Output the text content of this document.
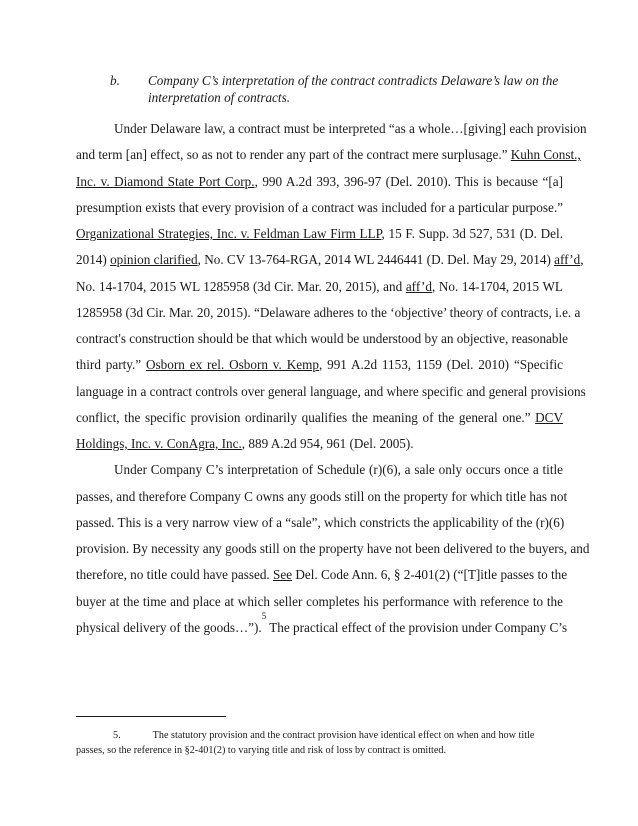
b. Company C’s interpretation of the contract contradicts Delaware’s law on the interpretation of contracts.
Under Delaware law, a contract must be interpreted “as a whole…[giving] each provision
and term [an] effect, so as not to render any part of the contract mere surplusage.” Kuhn Const.,
Inc. v. Diamond State Port Corp., 990 A.2d 393, 396-97 (Del. 2010). This is because “[a]
presumption exists that every provision of a contract was included for a particular purpose.”
Organizational Strategies, Inc. v. Feldman Law Firm LLP, 15 F. Supp. 3d 527, 531 (D. Del.
2014) opinion clarified, No. CV 13-764-RGA, 2014 WL 2446441 (D. Del. May 29, 2014) aff’d,
No. 14-1704, 2015 WL 1285958 (3d Cir. Mar. 20, 2015), and aff’d, No. 14-1704, 2015 WL
1285958 (3d Cir. Mar. 20, 2015). “Delaware adheres to the ‘objective’ theory of contracts, i.e. a
contract's construction should be that which would be understood by an objective, reasonable
third party.” Osborn ex rel. Osborn v. Kemp, 991 A.2d 1153, 1159 (Del. 2010) “Specific
language in a contract controls over general language, and where specific and general provisions
conflict, the specific provision ordinarily qualifies the meaning of the general one.” DCV
Holdings, Inc. v. ConAgra, Inc., 889 A.2d 954, 961 (Del. 2005).
Under Company C’s interpretation of Schedule (r)(6), a sale only occurs once a title
passes, and therefore Company C owns any goods still on the property for which title has not
passed. This is a very narrow view of a “sale”, which constricts the applicability of the (r)(6)
provision. By necessity any goods still on the property have not been delivered to the buyers, and
therefore, no title could have passed. See Del. Code Ann. 6, § 2-401(2) (“[T]itle passes to the
buyer at the time and place at which seller completes his performance with reference to the
physical delivery of the goods…”).$^5$ The practical effect of the provision under Company C’s
5.	The statutory provision and the contract provision have identical effect on when and how title passes, so the reference in §2-401(2) to varying title and risk of loss by contract is omitted.
